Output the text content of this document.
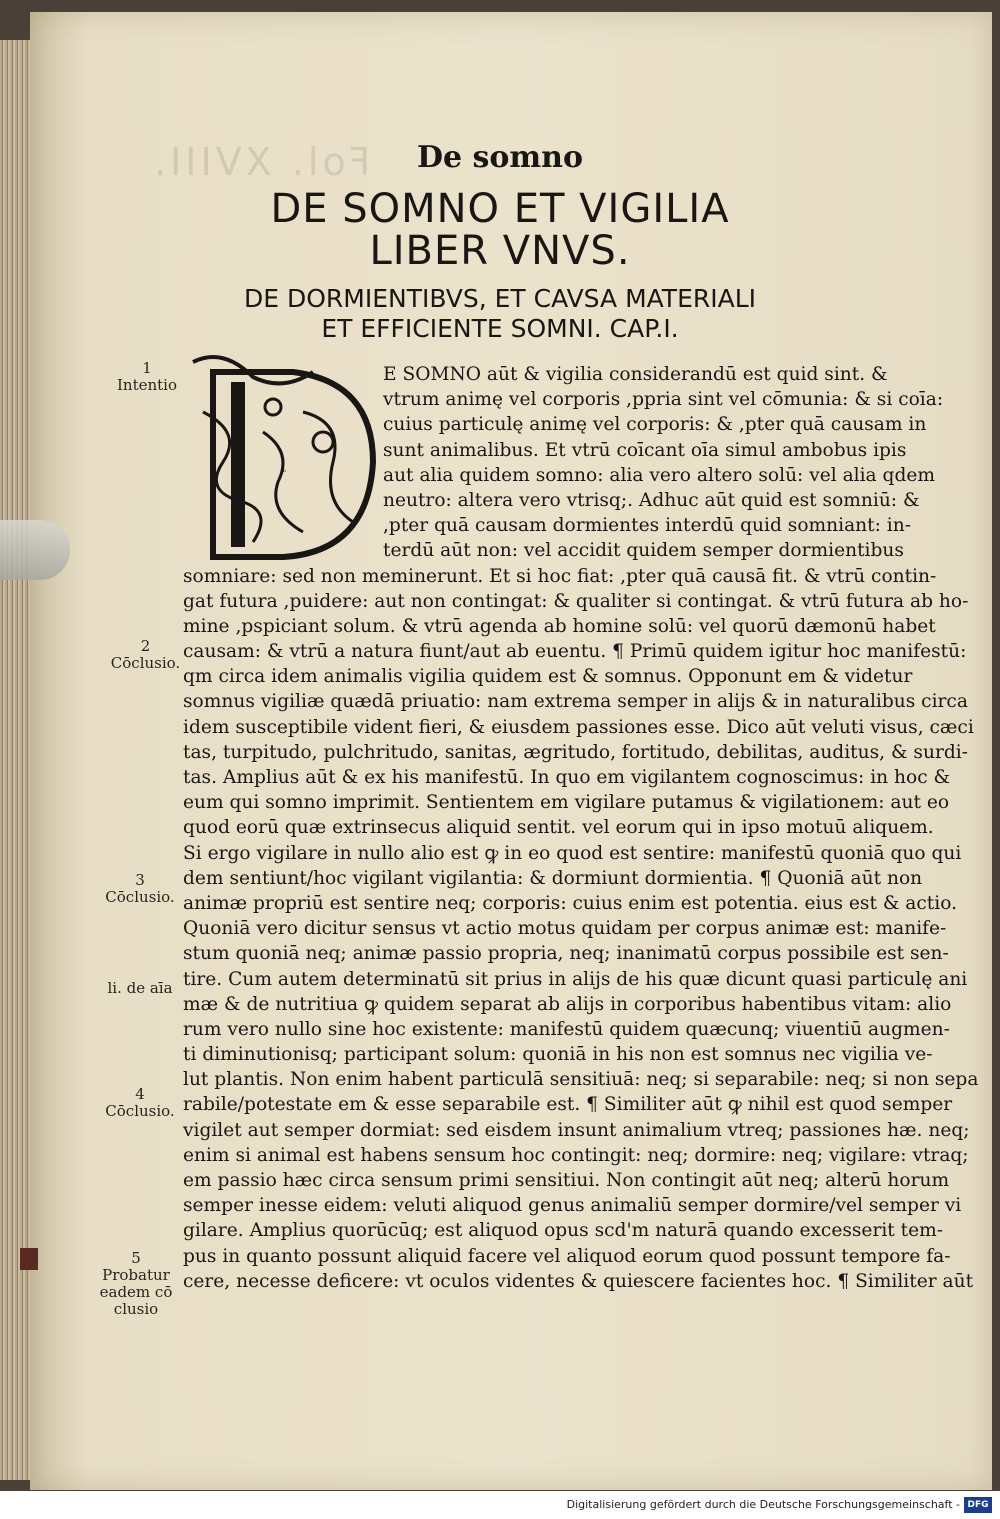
Fol. XVIII.	De somno
DE SOMNO ET VIGILIA
LIBER VNVS.
DE DORMIENTIBVS, ET CAVSA MATERIALI
ET EFFICIENTE SOMNI. CAP.I.
D
E SOMNO aūt & vigilia considerandū est quid sint. &
vtrum animę vel corporis ,ppria sint vel cōmunia: & si coīa:
cuius particulę animę vel corporis: & ,pter quā causam in
sunt animalibus. Et vtrū coīcant oīa simul ambobus ipis
aut alia quidem somno: alia vero altero solū: vel alia qdem
neutro: altera vero vtrisq;. Adhuc aūt quid est somniū: &
,pter quā causam dormientes interdū quid somniant: in-
terdū aūt non: vel accidit quidem semper dormientibus
somniare: sed non meminerunt. Et si hoc fiat: ,pter quā causā fit. & vtrū contin-
gat futura ,puidere: aut non contingat: & qualiter si contingat. & vtrū futura ab ho-
mine ,pspiciant solum. & vtrū agenda ab homine solū: vel quorū dæmonū habet
causam: & vtrū a natura fiunt/aut ab euentu. ¶ Primū quidem igitur hoc manifestū:
qm circa idem animalis vigilia quidem est & somnus. Opponunt em & videtur
somnus vigiliæ quædā priuatio: nam extrema semper in alijs & in naturalibus circa
idem susceptibile vident fieri, & eiusdem passiones esse. Dico aūt veluti visus, cæci
tas, turpitudo, pulchritudo, sanitas, ægritudo, fortitudo, debilitas, auditus, & surdi-
tas. Amplius aūt & ex his manifestū. In quo em vigilantem cognoscimus: in hoc &
eum qui somno imprimit. Sentientem em vigilare putamus & vigilationem: aut eo
quod eorū quæ extrinsecus aliquid sentit. vel eorum qui in ipso motuū aliquem.
Si ergo vigilare in nullo alio est ꝙ in eo quod est sentire: manifestū quoniā quo qui
dem sentiunt/hoc vigilant vigilantia: & dormiunt dormientia. ¶ Quoniā aūt non
animæ propriū est sentire neq; corporis: cuius enim est potentia. eius est & actio.
Quoniā vero dicitur sensus vt actio motus quidam per corpus animæ est: manife-
stum quoniā neq; animæ passio propria, neq; inanimatū corpus possibile est sen-
tire. Cum autem determinatū sit prius in alijs de his quæ dicunt quasi particulę ani
mæ & de nutritiua ꝙ quidem separat ab alijs in corporibus habentibus vitam: alio
rum vero nullo sine hoc existente: manifestū quidem quæcunq; viuentiū augmen-
ti diminutionisq; participant solum: quoniā in his non est somnus nec vigilia ve-
lut plantis. Non enim habent particulā sensitiuā: neq; si separabile: neq; si non sepa
rabile/potestate em & esse separabile est. ¶ Similiter aūt ꝙ nihil est quod semper
vigilet aut semper dormiat: sed eisdem insunt animalium vtreq; passiones hæ. neq;
enim si animal est habens sensum hoc contingit: neq; dormire: neq; vigilare: vtraq;
em passio hæc circa sensum primi sensitiui. Non contingit aūt neq; alterū horum
semper inesse eidem: veluti aliquod genus animaliū semper dormire/vel semper vi
gilare. Amplius quorūcūq; est aliquod opus scd'm naturā quando excesserit tem-
pus in quanto possunt aliquid facere vel aliquod eorum quod possunt tempore fa-
cere, necesse deficere: vt oculos videntes & quiescere facientes hoc. ¶ Similiter aūt
1
Intentio
2
Cōclusio.
3
Cōclusio.
li. de aīa
4
Cōclusio.
5
Probatur eadem cō clusio
Digitalisierung gefördert durch die Deutsche Forschungsgemeinschaft - DFG
